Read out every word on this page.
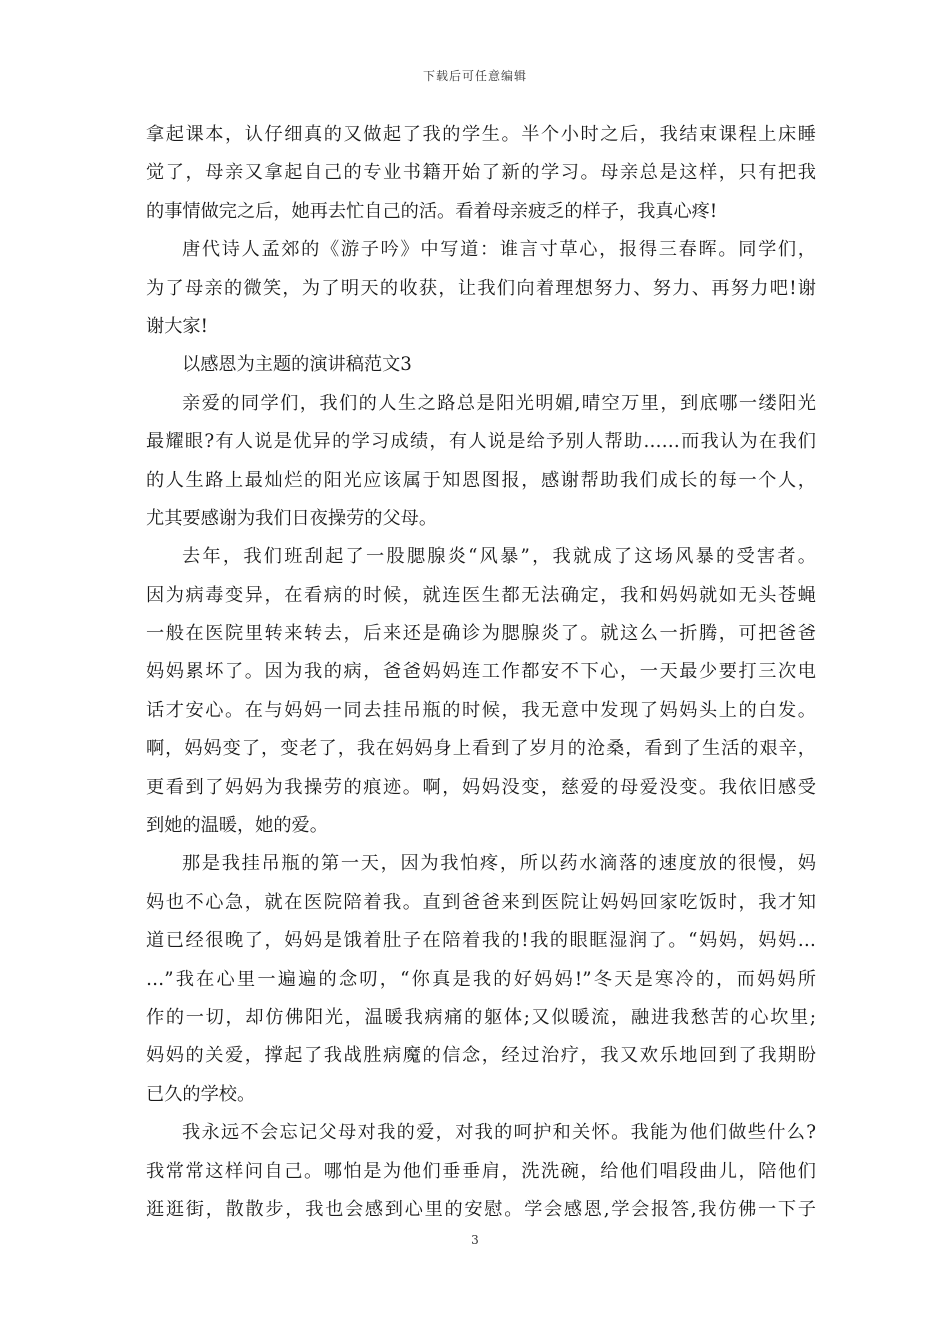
下载后可任意编辑
拿起课本，认仔细真的又做起了我的学生。半个小时之后，我结束课程上床睡
觉了，母亲又拿起自己的专业书籍开始了新的学习。母亲总是这样，只有把我
的事情做完之后，她再去忙自己的活。看着母亲疲乏的样子，我真心疼!
唐代诗人孟郊的《游子吟》中写道：谁言寸草心，报得三春晖。同学们，
为了母亲的微笑，为了明天的收获，让我们向着理想努力、努力、再努力吧!谢
谢大家!
以感恩为主题的演讲稿范文3
亲爱的同学们，我们的人生之路总是阳光明媚,晴空万里，到底哪一缕阳光
最耀眼?有人说是优异的学习成绩，有人说是给予别人帮助……而我认为在我们
的人生路上最灿烂的阳光应该属于知恩图报，感谢帮助我们成长的每一个人，
尤其要感谢为我们日夜操劳的父母。
去年，我们班刮起了一股腮腺炎“风暴”，我就成了这场风暴的受害者。
因为病毒变异，在看病的时候，就连医生都无法确定，我和妈妈就如无头苍蝇
一般在医院里转来转去，后来还是确诊为腮腺炎了。就这么一折腾，可把爸爸
妈妈累坏了。因为我的病，爸爸妈妈连工作都安不下心，一天最少要打三次电
话才安心。在与妈妈一同去挂吊瓶的时候，我无意中发现了妈妈头上的白发。
啊，妈妈变了，变老了，我在妈妈身上看到了岁月的沧桑，看到了生活的艰辛，
更看到了妈妈为我操劳的痕迹。啊，妈妈没变，慈爱的母爱没变。我依旧感受
到她的温暖，她的爱。
那是我挂吊瓶的第一天，因为我怕疼，所以药水滴落的速度放的很慢，妈
妈也不心急，就在医院陪着我。直到爸爸来到医院让妈妈回家吃饭时，我才知
道已经很晚了，妈妈是饿着肚子在陪着我的!我的眼眶湿润了。“妈妈，妈妈…
…”我在心里一遍遍的念叨，“你真是我的好妈妈!”冬天是寒冷的，而妈妈所
作的一切，却仿佛阳光，温暖我病痛的躯体;又似暖流，融进我愁苦的心坎里;
妈妈的关爱，撑起了我战胜病魔的信念，经过治疗，我又欢乐地回到了我期盼
已久的学校。
我永远不会忘记父母对我的爱，对我的呵护和关怀。我能为他们做些什么?
我常常这样问自己。哪怕是为他们垂垂肩，洗洗碗，给他们唱段曲儿，陪他们
逛逛街，散散步，我也会感到心里的安慰。学会感恩,学会报答,我仿佛一下子
3
